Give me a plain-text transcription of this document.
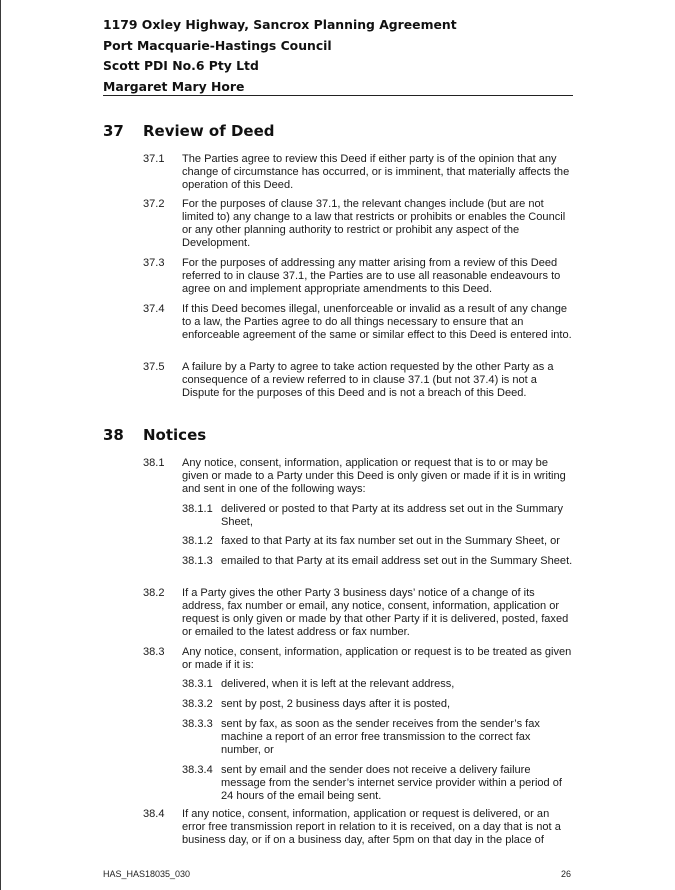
1179 Oxley Highway, Sancrox Planning Agreement
Port Macquarie-Hastings Council
Scott PDI No.6 Pty Ltd
Margaret Mary Hore
37	Review of Deed
37.1	The Parties agree to review this Deed if either party is of the opinion that any change of circumstance has occurred, or is imminent, that materially affects the operation of this Deed.
37.2	For the purposes of clause 37.1, the relevant changes include (but are not limited to) any change to a law that restricts or prohibits or enables the Council or any other planning authority to restrict or prohibit any aspect of the Development.
37.3	For the purposes of addressing any matter arising from a review of this Deed referred to in clause 37.1, the Parties are to use all reasonable endeavours to agree on and implement appropriate amendments to this Deed.
37.4	If this Deed becomes illegal, unenforceable or invalid as a result of any change to a law, the Parties agree to do all things necessary to ensure that an enforceable agreement of the same or similar effect to this Deed is entered into.
37.5	A failure by a Party to agree to take action requested by the other Party as a consequence of a review referred to in clause 37.1 (but not 37.4) is not a Dispute for the purposes of this Deed and is not a breach of this Deed.
38	Notices
38.1	Any notice, consent, information, application or request that is to or may be given or made to a Party under this Deed is only given or made if it is in writing and sent in one of the following ways:
38.1.1 delivered or posted to that Party at its address set out in the Summary Sheet,
38.1.2 faxed to that Party at its fax number set out in the Summary Sheet, or
38.1.3 emailed to that Party at its email address set out in the Summary Sheet.
38.2	If a Party gives the other Party 3 business days’ notice of a change of its address, fax number or email, any notice, consent, information, application or request is only given or made by that other Party if it is delivered, posted, faxed or emailed to the latest address or fax number.
38.3	Any notice, consent, information, application or request is to be treated as given or made if it is:
38.3.1 delivered, when it is left at the relevant address,
38.3.2 sent by post, 2 business days after it is posted,
38.3.3 sent by fax, as soon as the sender receives from the sender’s fax machine a report of an error free transmission to the correct fax number, or
38.3.4 sent by email and the sender does not receive a delivery failure message from the sender’s internet service provider within a period of 24 hours of the email being sent.
38.4	If any notice, consent, information, application or request is delivered, or an error free transmission report in relation to it is received, on a day that is not a business day, or if on a business day, after 5pm on that day in the place of
HAS_HAS18035_030	26
